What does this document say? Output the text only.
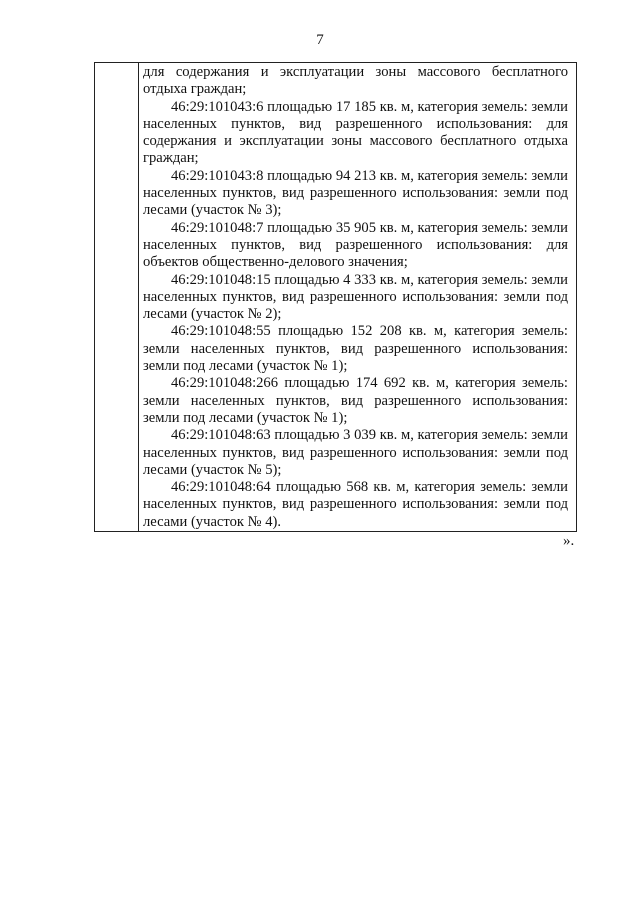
7

для содержания и эксплуатации зоны массового бесплатного отдыха граждан;

46:29:101043:6 площадью 17 185 кв. м, категория земель: земли населенных пунктов, вид разрешенного использования: для содержания и эксплуатации зоны массового бесплатного отдыха граждан;

46:29:101043:8 площадью 94 213 кв. м, категория земель: земли населенных пунктов, вид разрешенного использования: земли под лесами (участок № 3);

46:29:101048:7 площадью 35 905 кв. м, категория земель: земли населенных пунктов, вид разрешенного использования: для объектов общественно-делового значения;

46:29:101048:15 площадью 4 333 кв. м, категория земель: земли населенных пунктов, вид разрешенного использования: земли под лесами (участок № 2);

46:29:101048:55 площадью 152 208 кв. м, категория земель: земли населенных пунктов, вид разрешенного использования: земли под лесами (участок № 1);

46:29:101048:266 площадью 174 692 кв. м, категория земель: земли населенных пунктов, вид разрешенного использования: земли под лесами (участок № 1);

46:29:101048:63 площадью 3 039 кв. м, категория земель: земли населенных пунктов, вид разрешенного использования: земли под лесами (участок № 5);

46:29:101048:64 площадью 568 кв. м, категория земель: земли населенных пунктов, вид разрешенного использования: земли под лесами (участок № 4).

».
